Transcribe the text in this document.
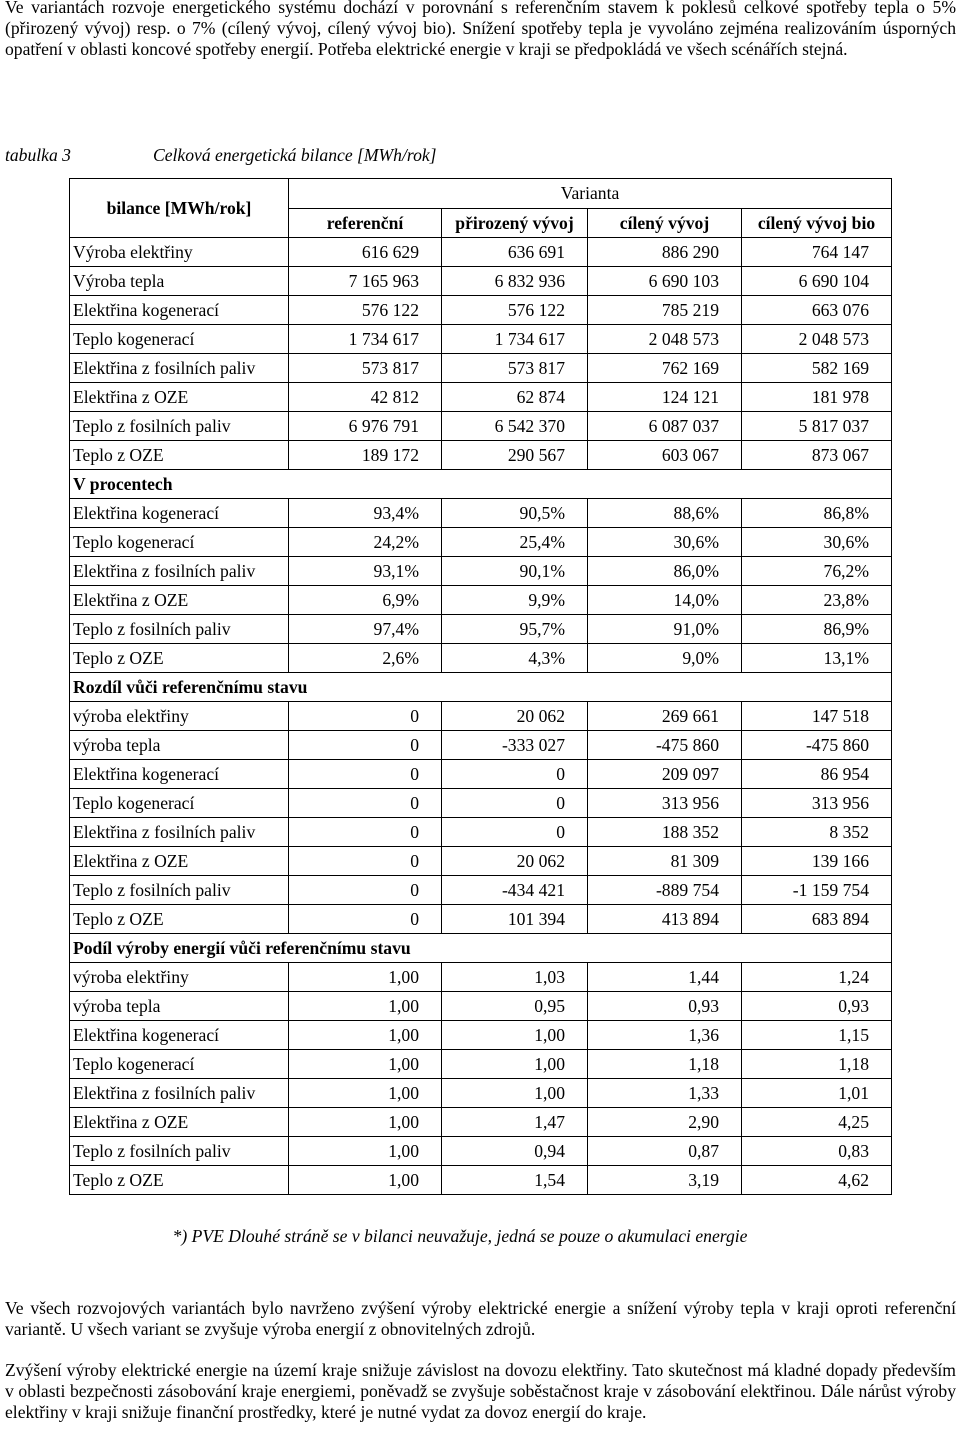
Ve variantách rozvoje energetického systému dochází v porovnání s referenčním stavem k poklesů celkové spotřeby tepla o 5% (přirozený vývoj) resp. o 7% (cílený vývoj, cílený vývoj bio). Snížení spotřeby tepla je vyvoláno zejména realizováním úsporných opatření v oblasti koncové spotřeby energií. Potřeba elektrické energie v kraji se předpokládá ve všech scénářích stejná.

tabulka 3	Celková energetická bilance [MWh/rok]
bilance [MWh/rok]	Varianta			
	referenční	přirozený vývoj	cílený vývoj	cílený vývoj bio
Výroba elektřiny	616 629	636 691	886 290	764 147
Výroba tepla	7 165 963	6 832 936	6 690 103	6 690 104
Elektřina kogenerací	576 122	576 122	785 219	663 076
Teplo kogenerací	1 734 617	1 734 617	2 048 573	2 048 573
Elektřina z fosilních paliv	573 817	573 817	762 169	582 169
Elektřina z OZE	42 812	62 874	124 121	181 978
Teplo z fosilních paliv	6 976 791	6 542 370	6 087 037	5 817 037
Teplo z OZE	189 172	290 567	603 067	873 067
V procentech				
Elektřina kogenerací	93,4%	90,5%	88,6%	86,8%
Teplo kogenerací	24,2%	25,4%	30,6%	30,6%
Elektřina z fosilních paliv	93,1%	90,1%	86,0%	76,2%
Elektřina z OZE	6,9%	9,9%	14,0%	23,8%
Teplo z fosilních paliv	97,4%	95,7%	91,0%	86,9%
Teplo z OZE	2,6%	4,3%	9,0%	13,1%
Rozdíl vůči referenčnímu stavu				
výroba elektřiny	0	20 062	269 661	147 518
výroba tepla	0	-333 027	-475 860	-475 860
Elektřina kogenerací	0	0	209 097	86 954
Teplo kogenerací	0	0	313 956	313 956
Elektřina z fosilních paliv	0	0	188 352	8 352
Elektřina z OZE	0	20 062	81 309	139 166
Teplo z fosilních paliv	0	-434 421	-889 754	-1 159 754
Teplo z OZE	0	101 394	413 894	683 894
Podíl výroby energií vůči referenčnímu stavu				
výroba elektřiny	1,00	1,03	1,44	1,24
výroba tepla	1,00	0,95	0,93	0,93
Elektřina kogenerací	1,00	1,00	1,36	1,15
Teplo kogenerací	1,00	1,00	1,18	1,18
Elektřina z fosilních paliv	1,00	1,00	1,33	1,01
Elektřina z OZE	1,00	1,47	2,90	4,25
Teplo z fosilních paliv	1,00	0,94	0,87	0,83
Teplo z OZE	1,00	1,54	3,19	4,62
*) PVE Dlouhé stráně se v bilanci neuvažuje, jedná se pouze o akumulaci energie

Ve všech rozvojových variantách bylo navrženo zvýšení výroby elektrické energie a snížení výroby tepla v kraji oproti referenční variantě. U všech variant se zvyšuje výroba energií z obnovitelných zdrojů.

Zvýšení výroby elektrické energie na území kraje snižuje závislost na dovozu elektřiny. Tato skutečnost má kladné dopady především v oblasti bezpečnosti zásobování kraje energiemi, poněvadž se zvyšuje soběstačnost kraje v zásobování elektřinou. Dále nárůst výroby elektřiny v kraji snižuje finanční prostředky, které je nutné vydat za dovoz energií do kraje.
